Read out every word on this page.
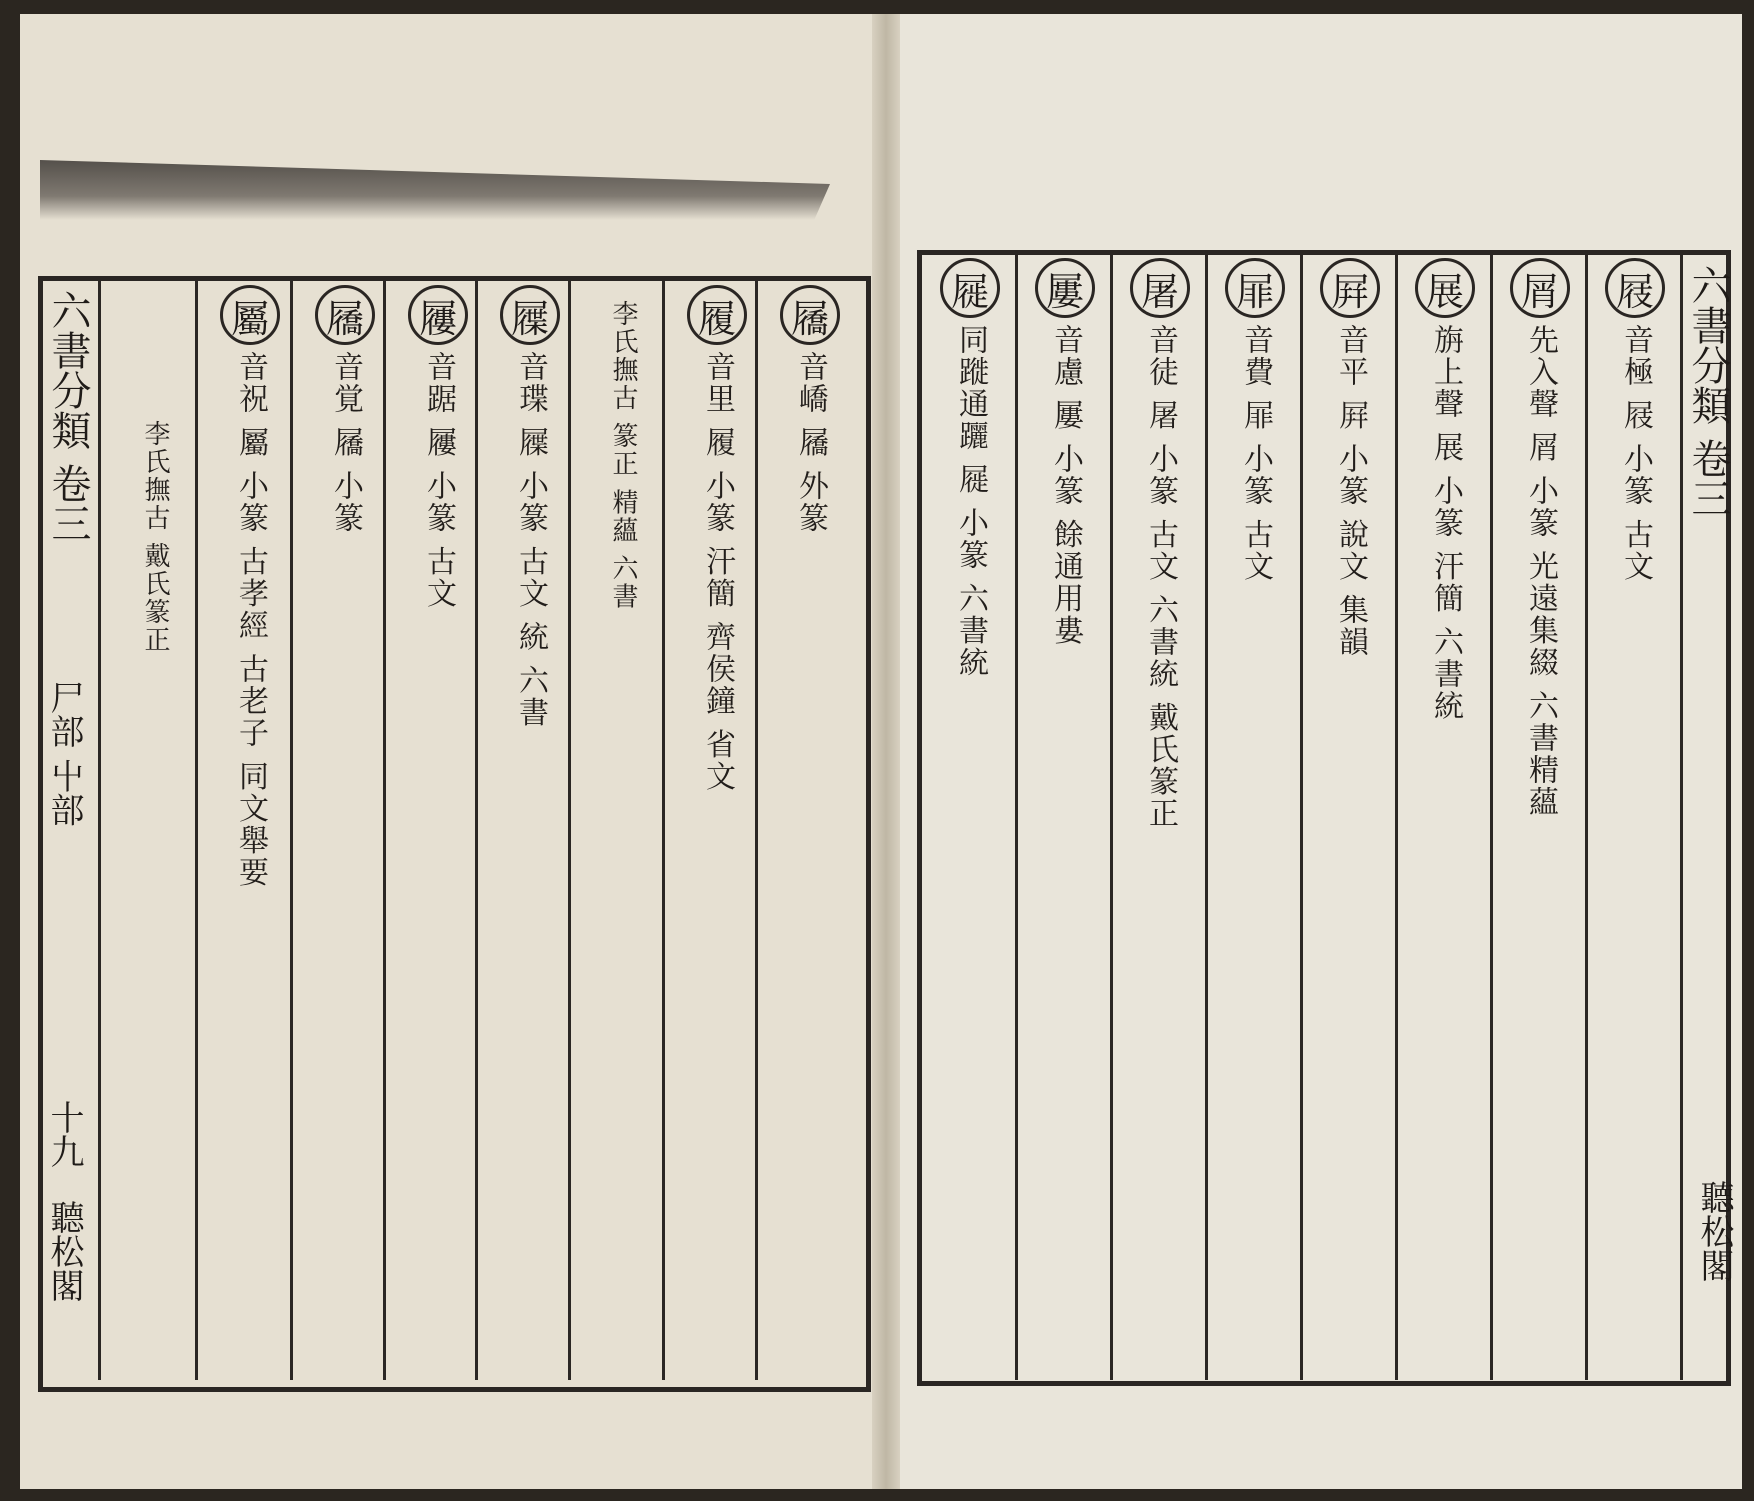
六書分類 卷三
尸部 屮部
十九
聽松閣
六書分類 卷三
聽松閣
屩
音嶠 屩 外篆
履
音里 履 小篆 汗簡 齊侯鐘 省文
李氏撫古 篆正 精蘊 六書
屧
音㻡 屧 小篆 古文 統 六書
屨
音踞 屨 小篆 古文
屩
音覚 屩 小篆
屬
音祝 屬 小篆 古孝經 古老子 同文舉要
李氏撫古 戴氏篆正
屐
音極 屐 小篆 古文
屑
先入聲 屑 小篆 光遠集綴 六書精蘊
展
旃上聲 展 小篆 汗簡 六書統
屛
音平 屛 小篆 說文 集韻
屝
音費 屝 小篆 古文
屠
音徒 屠 小篆 古文 六書統 戴氏篆正
屢
音慮 屢 小篆 餘通用婁
屣
同蹝通躧 屣 小篆 六書統
